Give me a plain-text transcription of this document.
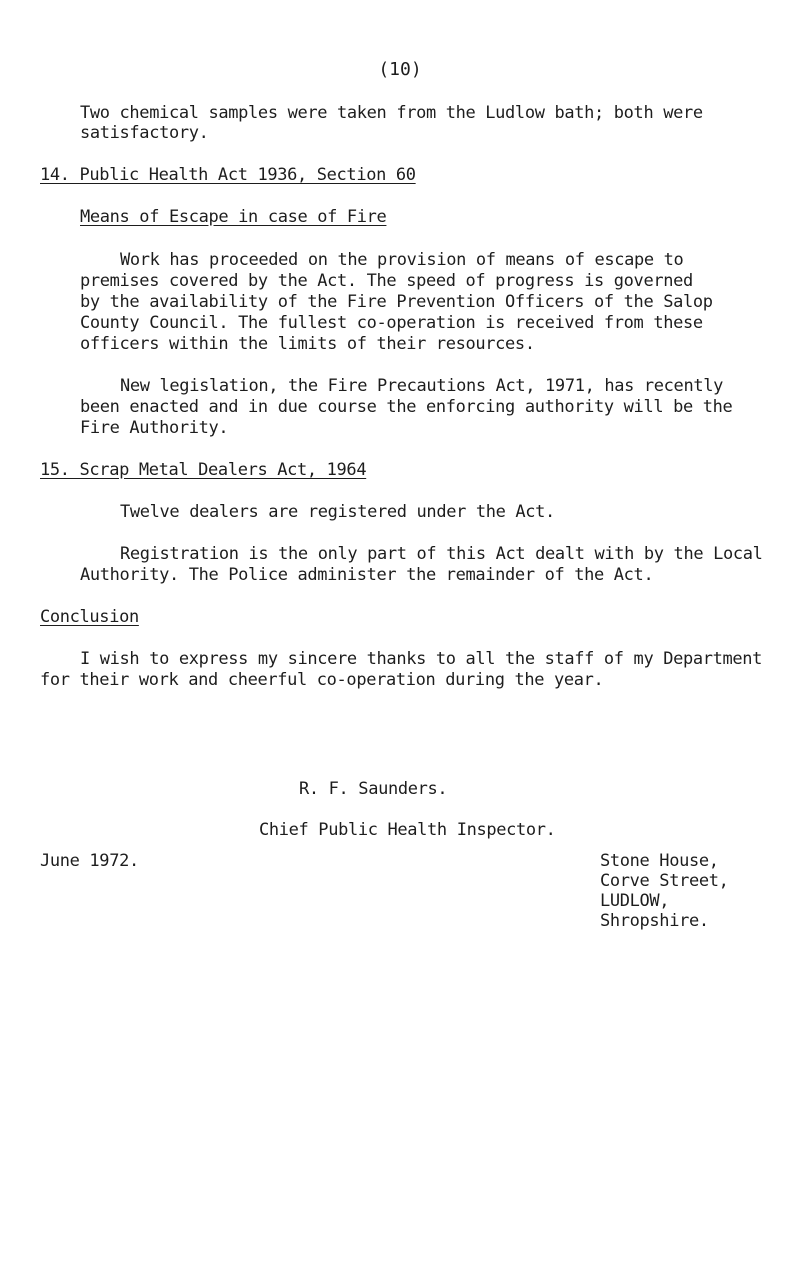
(10)
Two chemical samples were taken from the Ludlow bath; both were
satisfactory.
14. Public Health Act 1936, Section 60
Means of Escape in case of Fire
Work has proceeded on the provision of means of escape to
premises covered by the Act. The speed of progress is governed
by the availability of the Fire Prevention Officers of the Salop
County Council. The fullest co-operation is received from these
officers within the limits of their resources.
New legislation, the Fire Precautions Act, 1971, has recently
been enacted and in due course the enforcing authority will be the
Fire Authority.
15. Scrap Metal Dealers Act, 1964
Twelve dealers are registered under the Act.
Registration is the only part of this Act dealt with by the Local
Authority. The Police administer the remainder of the Act.
Conclusion
I wish to express my sincere thanks to all the staff of my Department
for their work and cheerful co-operation during the year.
R. F. Saunders.
Chief Public Health Inspector.
June 1972.	Stone House,
Corve Street,
LUDLOW,
Shropshire.
